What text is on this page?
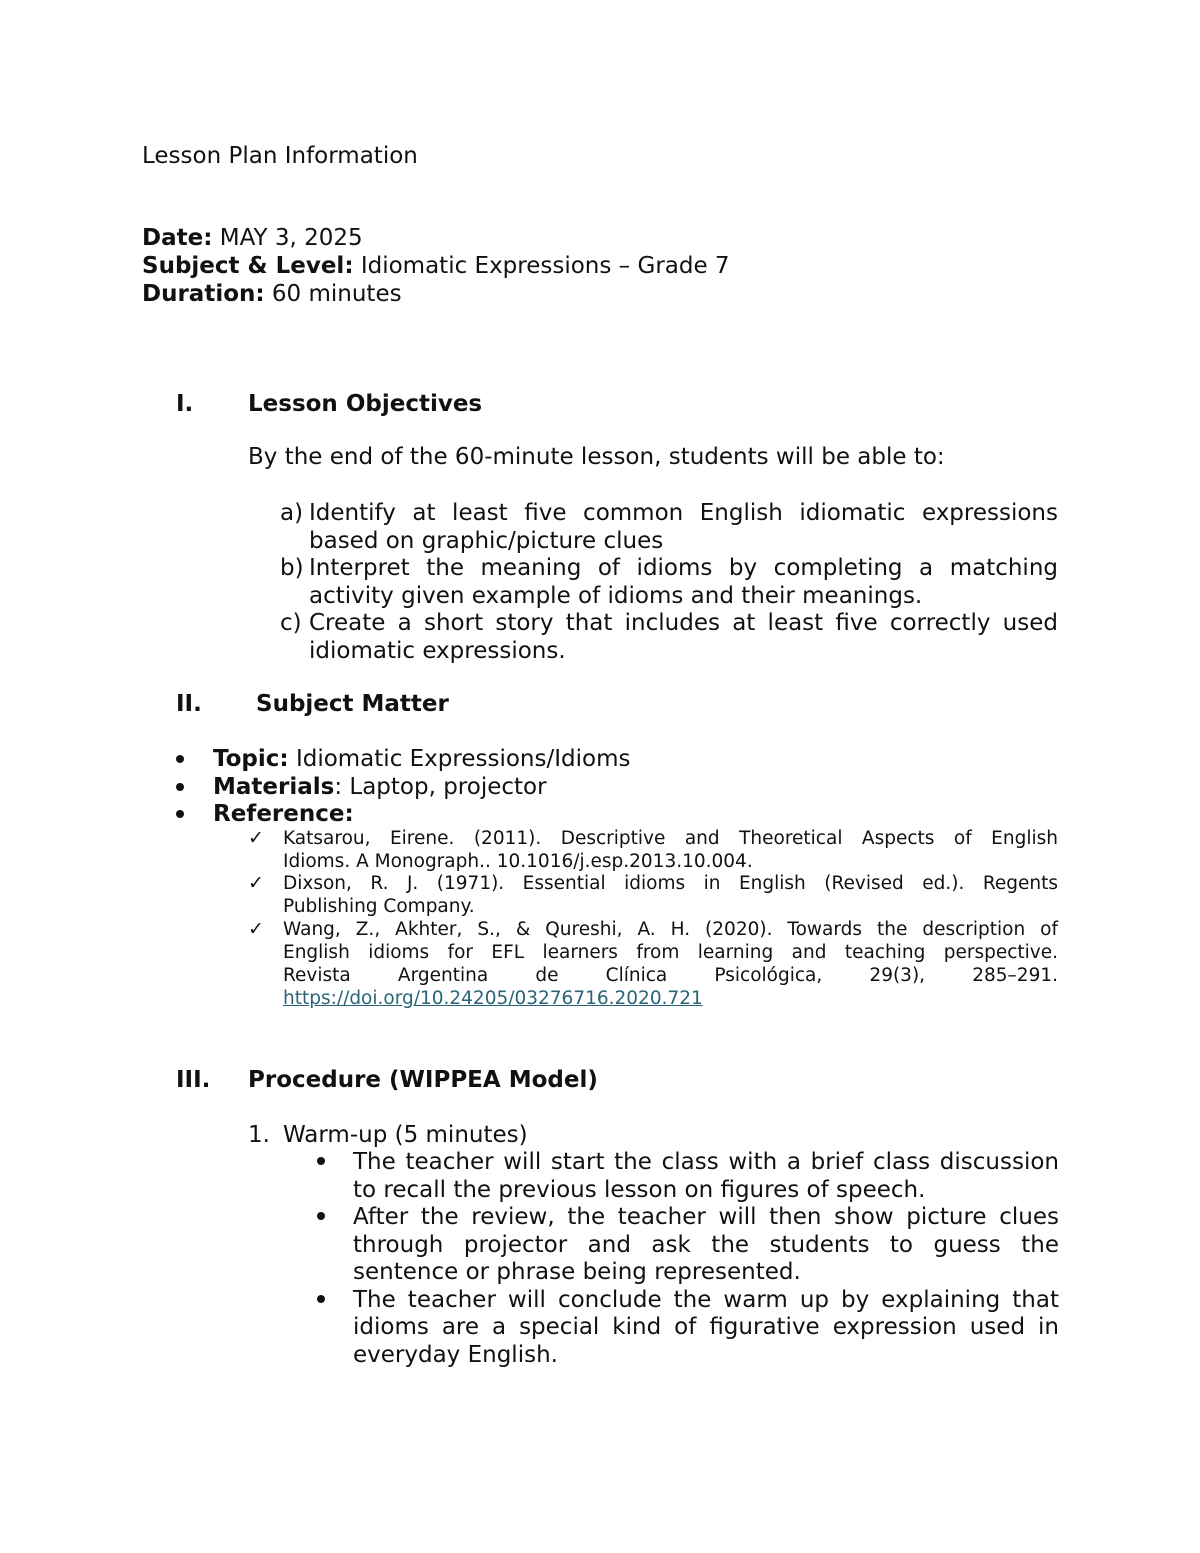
Lesson Plan Information
Date: MAY 3, 2025
Subject & Level: Idiomatic Expressions – Grade 7
Duration: 60 minutes
I. Lesson Objectives
By the end of the 60-minute lesson, students will be able to:
a) Identify at least five common English idiomatic expressions
based on graphic/picture clues
b) Interpret the meaning of idioms by completing a matching
activity given example of idioms and their meanings.
c) Create a short story that includes at least five correctly used
idiomatic expressions.
II. Subject Matter
Topic: Idiomatic Expressions/Idioms
Materials: Laptop, projector
Reference:
✓ Katsarou, Eirene. (2011). Descriptive and Theoretical Aspects of English
Idioms. A Monograph.. 10.1016/j.esp.2013.10.004.
✓ Dixson, R. J. (1971). Essential idioms in English (Revised ed.). Regents
Publishing Company.
✓ Wang, Z., Akhter, S., & Qureshi, A. H. (2020). Towards the description of
English idioms for EFL learners from learning and teaching perspective.
Revista Argentina de Clínica Psicológica, 29(3), 285–291.
https://doi.org/10.24205/03276716.2020.721
III. Procedure (WIPPEA Model)
1. Warm-up (5 minutes)
The teacher will start the class with a brief class discussion
to recall the previous lesson on figures of speech.
After the review, the teacher will then show picture clues
through projector and ask the students to guess the
sentence or phrase being represented.
The teacher will conclude the warm up by explaining that
idioms are a special kind of figurative expression used in
everyday English.
